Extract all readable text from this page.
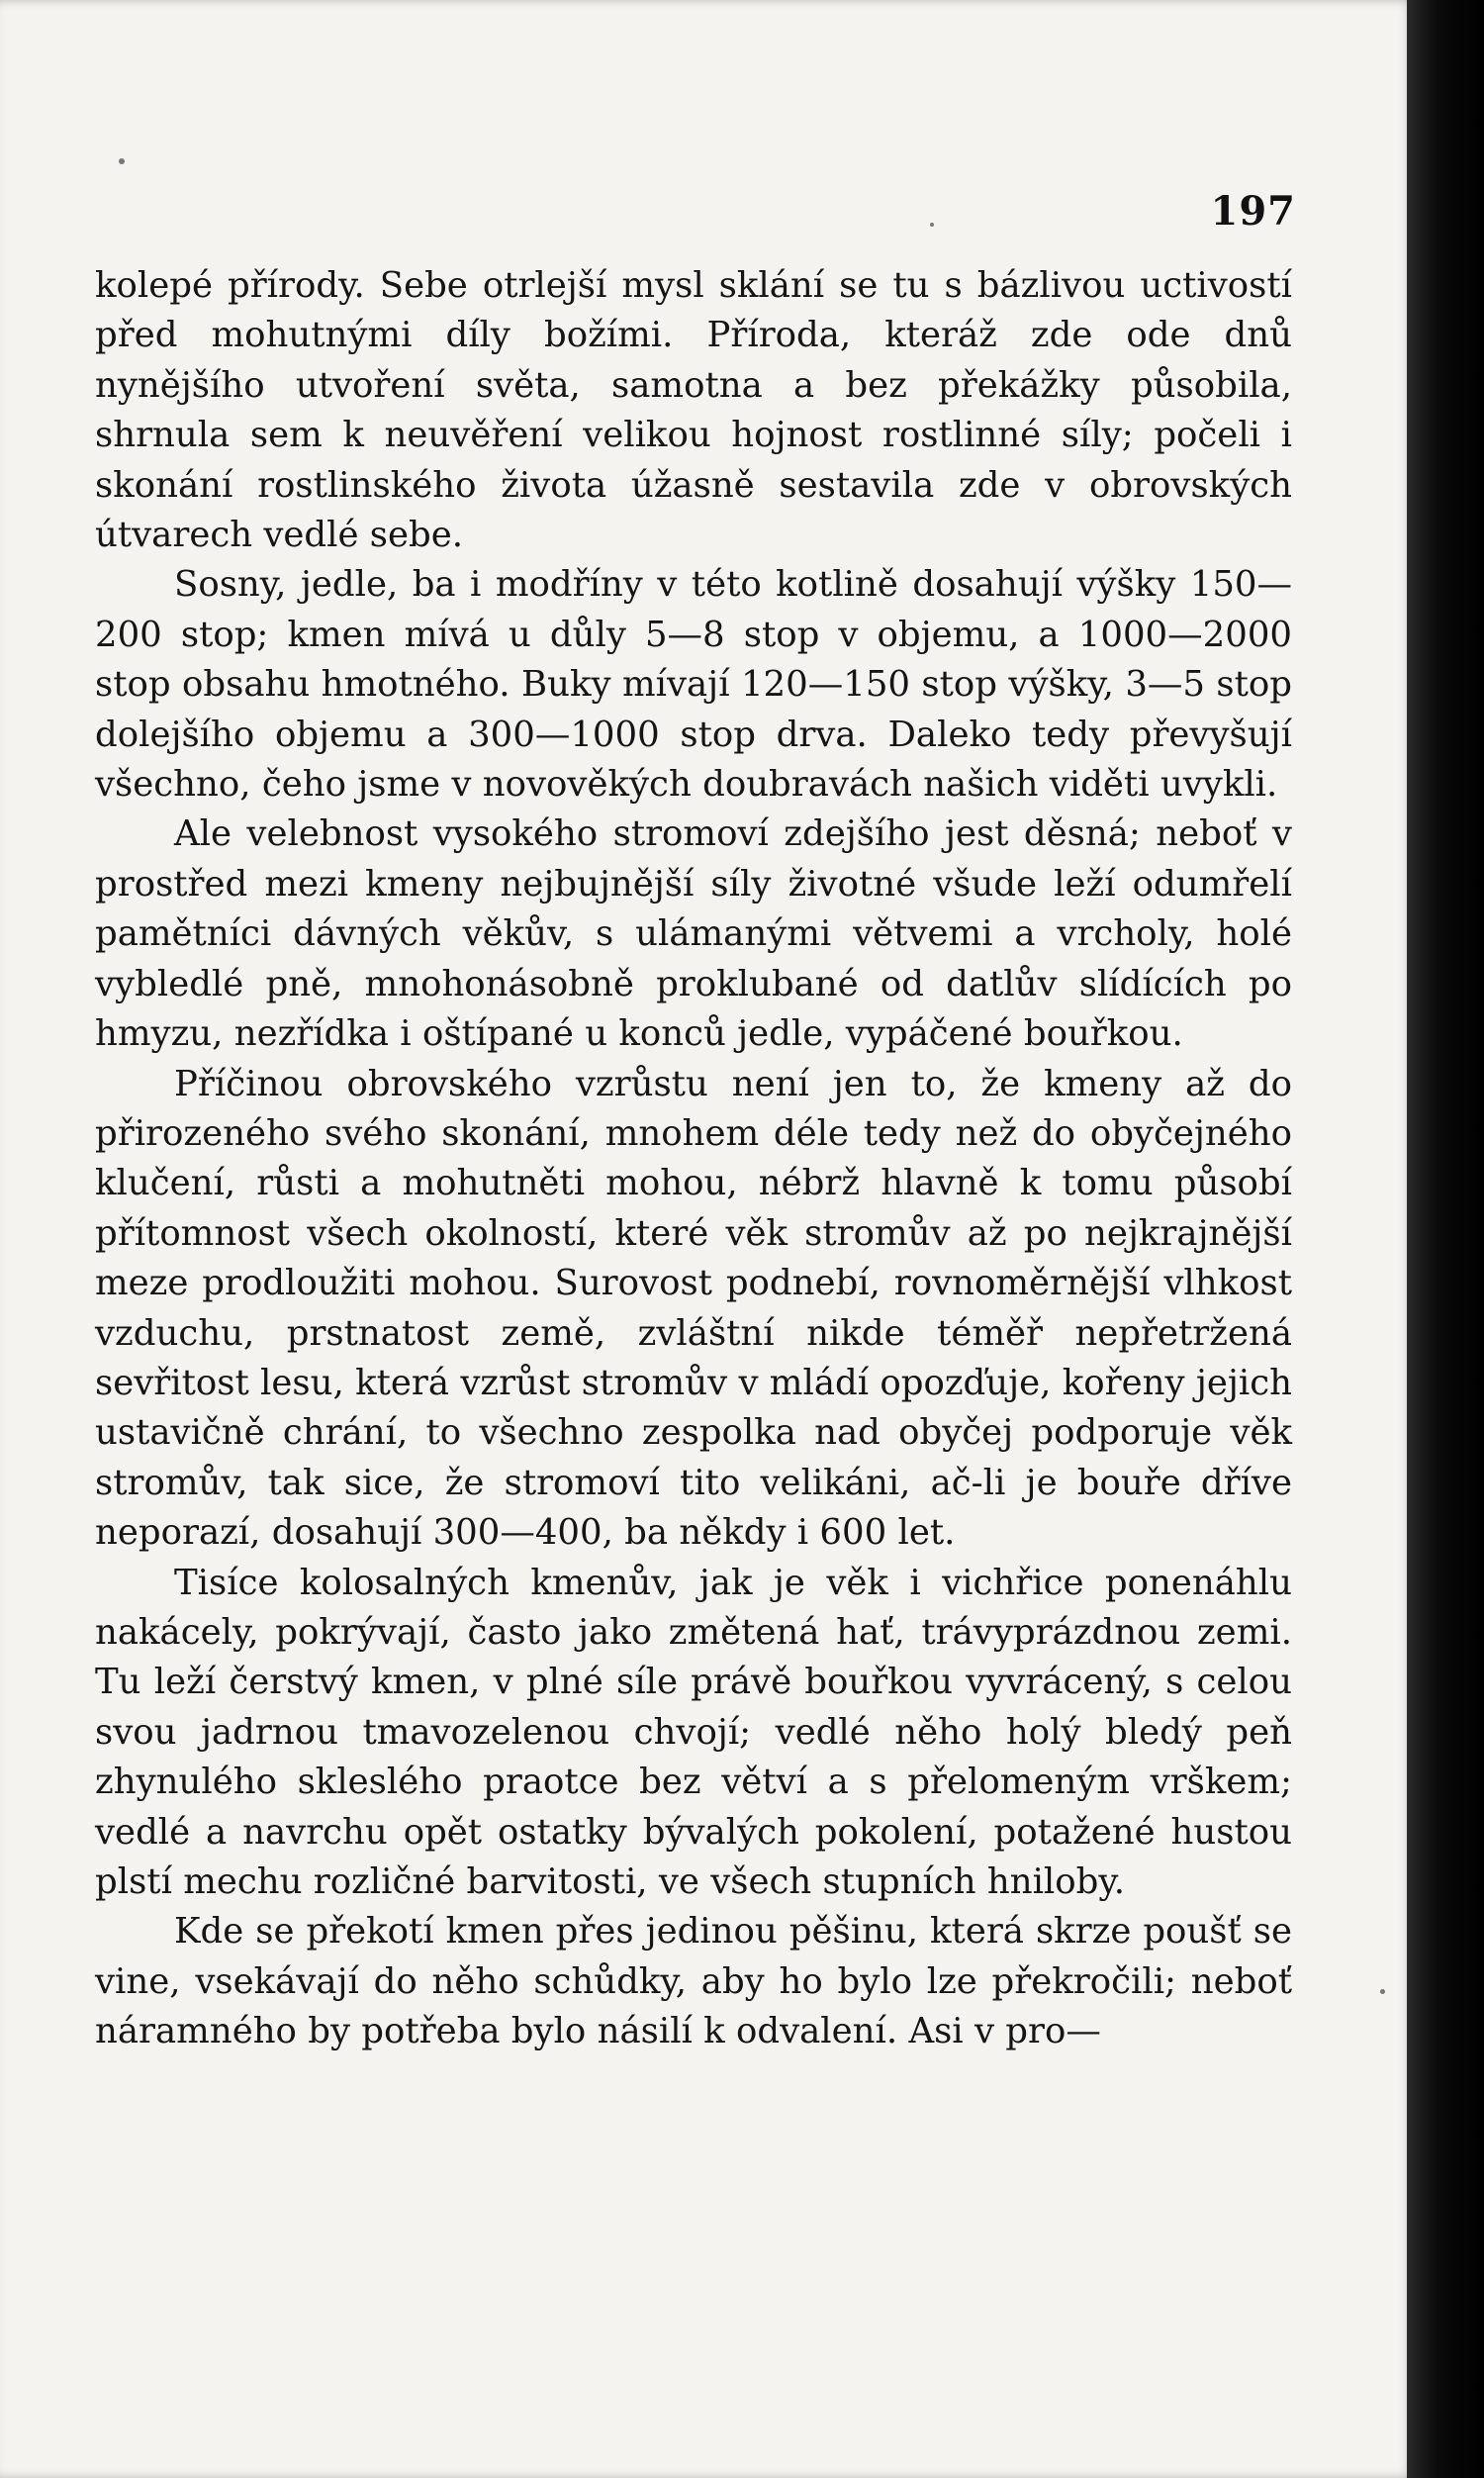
197

kolepé přírody. Sebe otrlejší mysl sklání se tu s bázlivou uctivostí před mohutnými díly božími. Příroda, kteráž zde ode dnů nynějšího utvoření světa, samotna a bez překážky působila, shrnula sem k neuvěření velikou hojnost rostlinné síly; počeli i skonání rostlinského života úžasně sestavila zde v obrovských útvarech vedlé sebe.

Sosny, jedle, ba i modříny v této kotlině dosahují výšky 150—200 stop; kmen mívá u důly 5—8 stop v objemu, a 1000—2000 stop obsahu hmotného. Buky mívají 120—150 stop výšky, 3—5 stop dolejšího objemu a 300—1000 stop drva. Daleko tedy převyšují všechno, čeho jsme v novověkých doubravách našich viděti uvykli.

Ale velebnost vysokého stromoví zdejšího jest děsná; neboť v prostřed mezi kmeny nejbujnější síly životné všude leží odumřelí pamětníci dávných věkův, s ulámanými větvemi a vrcholy, holé vybledlé pně, mnohonásobně proklubané od datlův slídících po hmyzu, nezřídka i oštípané u konců jedle, vypáčené bouřkou.

Příčinou obrovského vzrůstu není jen to, že kmeny až do přirozeného svého skonání, mnohem déle tedy než do obyčejného klučení, růsti a mohutněti mohou, nébrž hlavně k tomu působí přítomnost všech okolností, které věk stromův až po nejkrajnější meze prodloužiti mohou. Surovost podnebí, rovnoměrnější vlhkost vzduchu, prstnatost země, zvláštní nikde téměř nepřetržená sevřitost lesu, která vzrůst stromův v mládí opozďuje, kořeny jejich ustavičně chrání, to všechno zespolka nad obyčej podporuje věk stromův, tak sice, že stromoví tito velikáni, ač-li je bouře dříve neporazí, dosahují 300—400, ba někdy i 600 let.

Tisíce kolosalných kmenův, jak je věk i vichřice ponenáhlu nakácely, pokrývají, často jako změtená hať, trávyprázdnou zemi. Tu leží čerstvý kmen, v plné síle právě bouřkou vyvrácený, s celou svou jadrnou tmavozelenou chvojí; vedlé něho holý bledý peň zhynulého skleslého praotce bez větví a s přelomeným vrškem; vedlé a navrchu opět ostatky bývalých pokolení, potažené hustou plstí mechu rozličné barvitosti, ve všech stupních hniloby.

Kde se překotí kmen přes jedinou pěšinu, která skrze poušť se vine, vsekávají do něho schůdky, aby ho bylo lze překročili; neboť náramného by potřeba bylo násilí k odvalení. Asi v pro—
